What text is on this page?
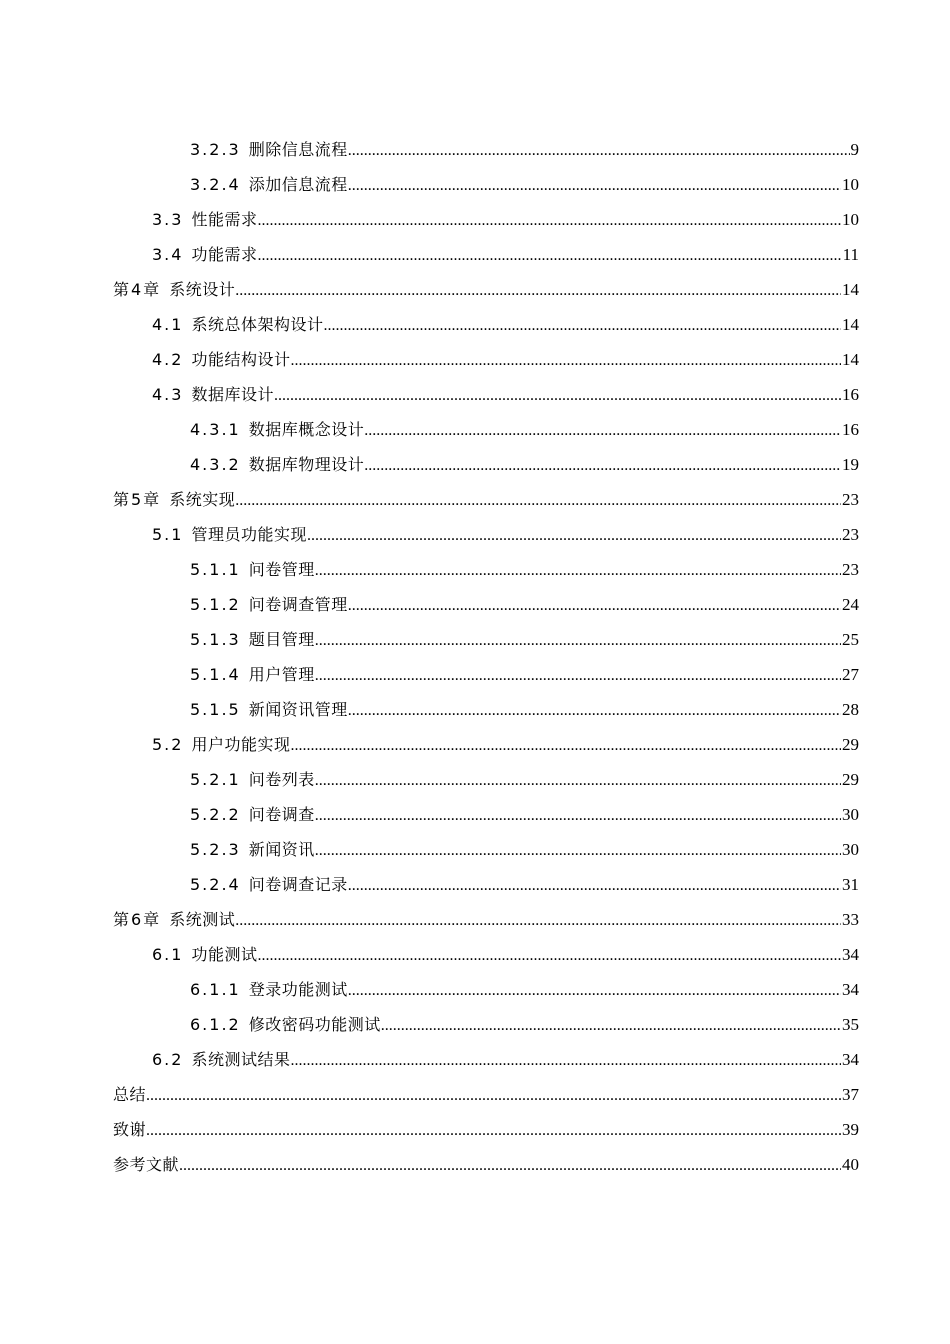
3.2.3 删除信息流程 .....	9
3.2.4 添加信息流程 .....	10
3.3 性能需求 .....	10
3.4 功能需求 .....	11
第4章 系统设计 .....	14
4.1 系统总体架构设计 .....	14
4.2 功能结构设计 .....	14
4.3 数据库设计 .....	16
4.3.1 数据库概念设计 .....	16
4.3.2 数据库物理设计 .....	19
第5章 系统实现 .....	23
5.1 管理员功能实现 .....	23
5.1.1 问卷管理 .....	23
5.1.2 问卷调查管理 .....	24
5.1.3 题目管理 .....	25
5.1.4 用户管理 .....	27
5.1.5 新闻资讯管理 .....	28
5.2 用户功能实现 .....	29
5.2.1 问卷列表 .....	29
5.2.2 问卷调查 .....	30
5.2.3 新闻资讯 .....	30
5.2.4 问卷调查记录 .....	31
第6章 系统测试 .....	33
6.1 功能测试 .....	34
6.1.1 登录功能测试 .....	34
6.1.2 修改密码功能测试 .....	35
6.2 系统测试结果 .....	34
总结 .....	37
致谢 .....	39
参考文献 .....	40
